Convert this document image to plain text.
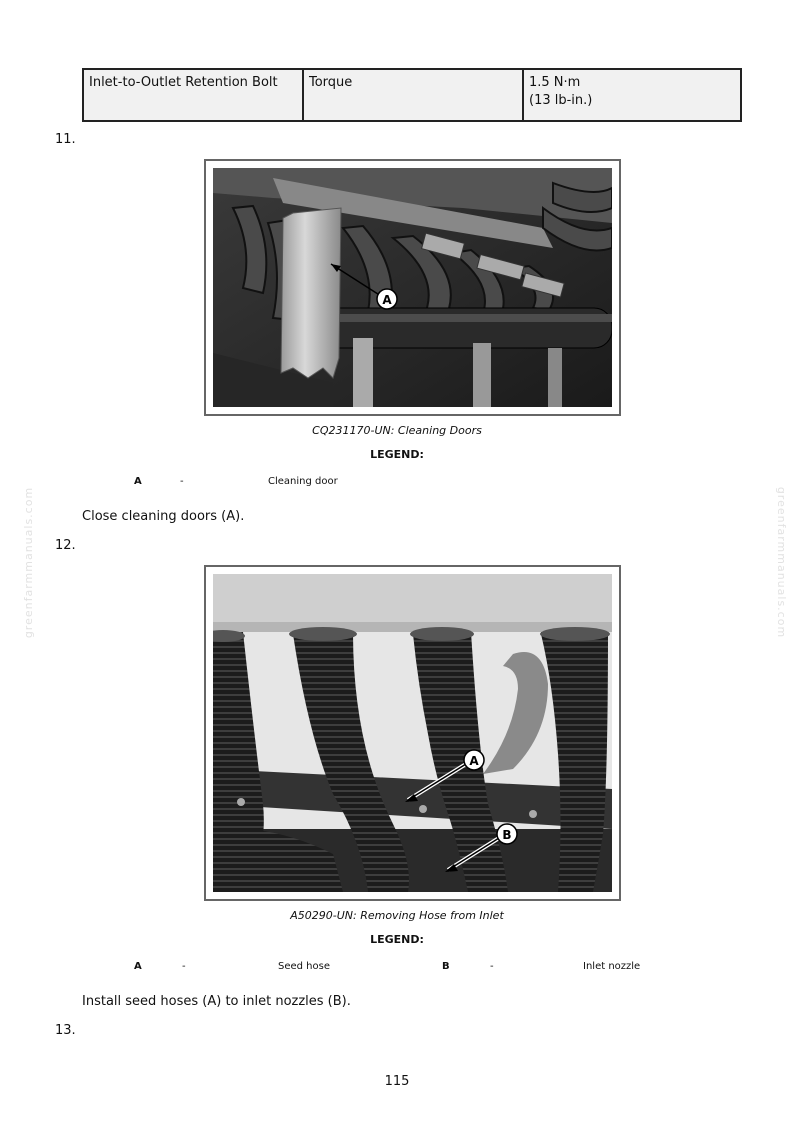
Inlet-to-Outlet Retention Bolt	Torque	1.5 N·m
(13 lb-in.)
11.
A
CQ231170-UN: Cleaning Doors
LEGEND:
A	-	Cleaning door
Close cleaning doors (A).
12.
A
B
A50290-UN: Removing Hose from Inlet
LEGEND:
A	-	Seed hose	B	-	Inlet nozzle
Install seed hoses (A) to inlet nozzles (B).
13.
greenfarmmanuals.com	greenfarmmanuals.com
115
